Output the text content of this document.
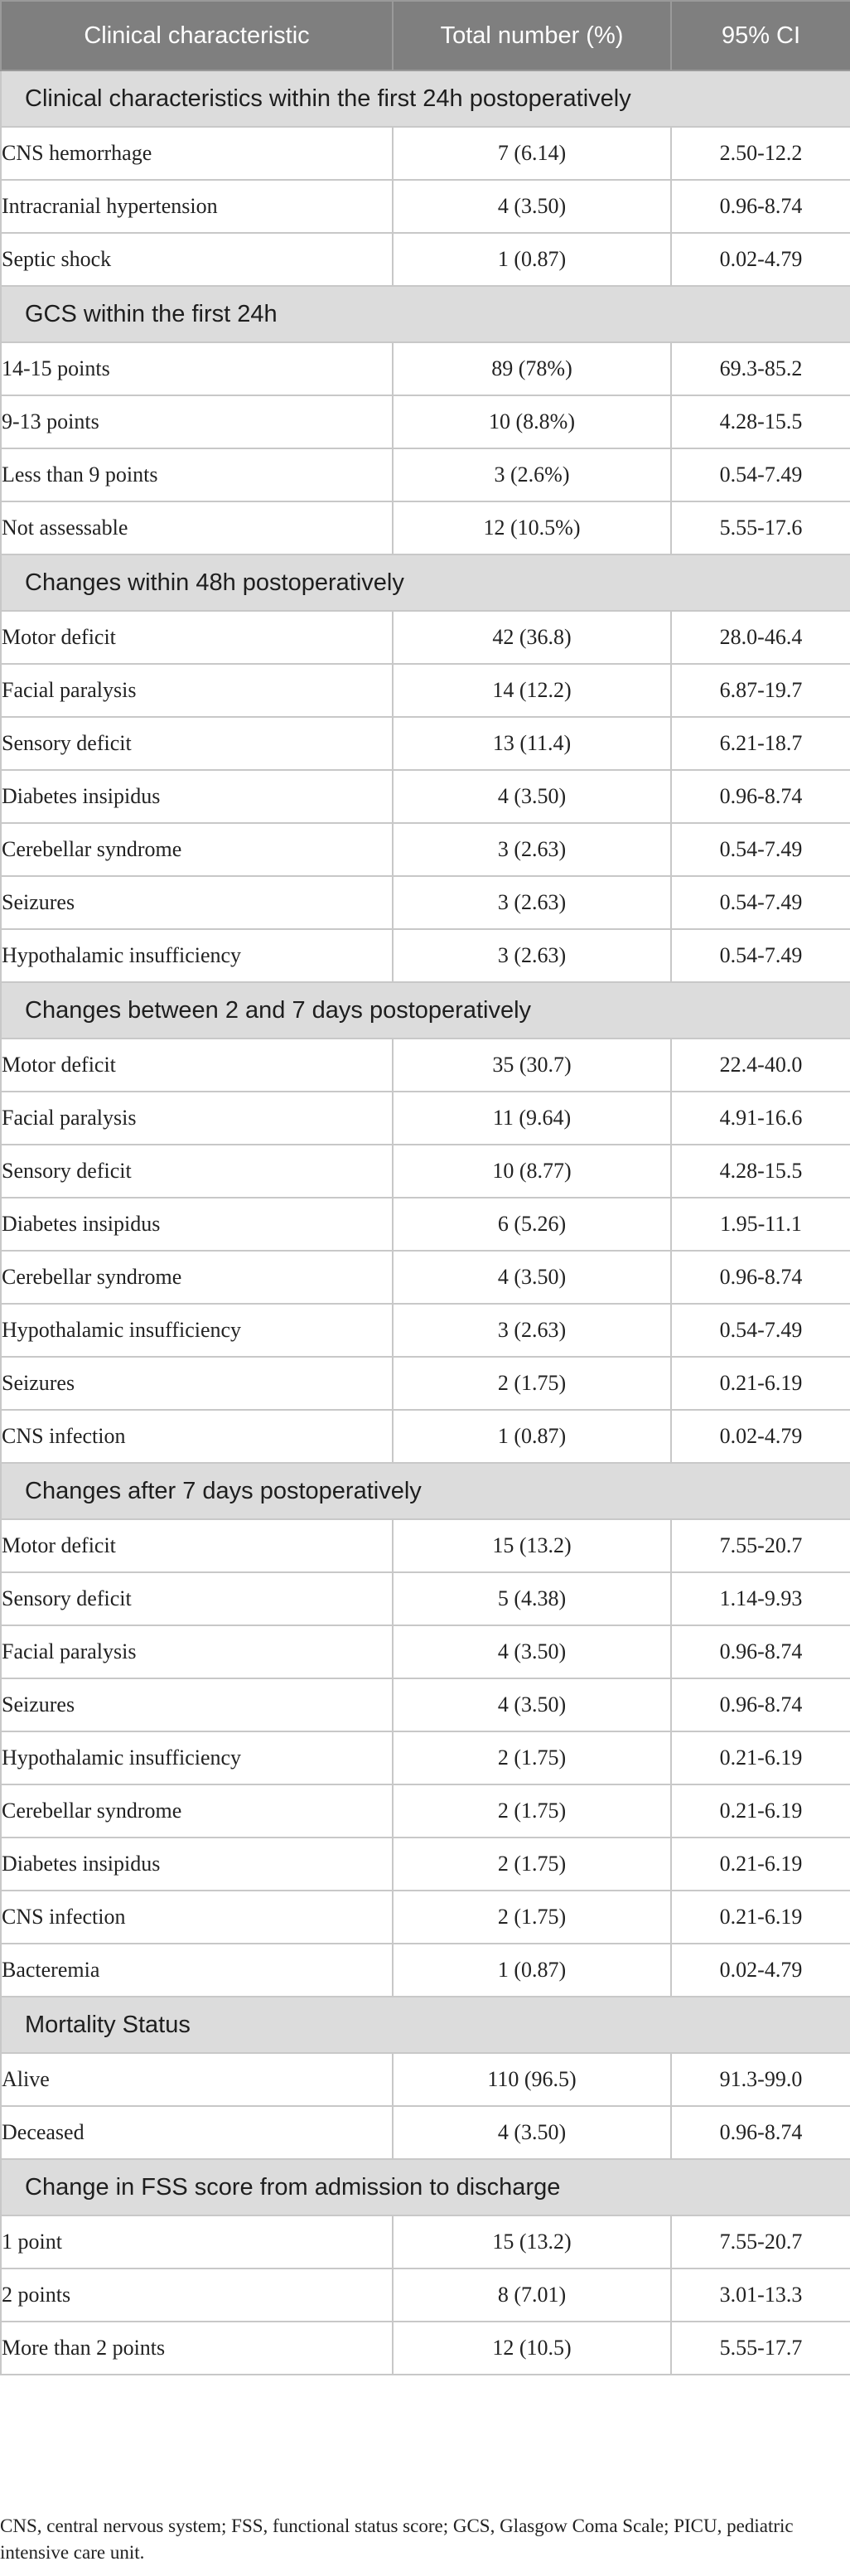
Clinical characteristic	Total number (%)	95% CI
Clinical characteristics within the first 24h postoperatively		
CNS hemorrhage	7 (6.14)	2.50-12.2
Intracranial hypertension	4 (3.50)	0.96-8.74
Septic shock	1 (0.87)	0.02-4.79
GCS within the first 24h		
14-15 points	89 (78%)	69.3-85.2
9-13 points	10 (8.8%)	4.28-15.5
Less than 9 points	3 (2.6%)	0.54-7.49
Not assessable	12 (10.5%)	5.55-17.6
Changes within 48h postoperatively		
Motor deficit	42 (36.8)	28.0-46.4
Facial paralysis	14 (12.2)	6.87-19.7
Sensory deficit	13 (11.4)	6.21-18.7
Diabetes insipidus	4 (3.50)	0.96-8.74
Cerebellar syndrome	3 (2.63)	0.54-7.49
Seizures	3 (2.63)	0.54-7.49
Hypothalamic insufficiency	3 (2.63)	0.54-7.49
Changes between 2 and 7 days postoperatively		
Motor deficit	35 (30.7)	22.4-40.0
Facial paralysis	11 (9.64)	4.91-16.6
Sensory deficit	10 (8.77)	4.28-15.5
Diabetes insipidus	6 (5.26)	1.95-11.1
Cerebellar syndrome	4 (3.50)	0.96-8.74
Hypothalamic insufficiency	3 (2.63)	0.54-7.49
Seizures	2 (1.75)	0.21-6.19
CNS infection	1 (0.87)	0.02-4.79
Changes after 7 days postoperatively		
Motor deficit	15 (13.2)	7.55-20.7
Sensory deficit	5 (4.38)	1.14-9.93
Facial paralysis	4 (3.50)	0.96-8.74
Seizures	4 (3.50)	0.96-8.74
Hypothalamic insufficiency	2 (1.75)	0.21-6.19
Cerebellar syndrome	2 (1.75)	0.21-6.19
Diabetes insipidus	2 (1.75)	0.21-6.19
CNS infection	2 (1.75)	0.21-6.19
Bacteremia	1 (0.87)	0.02-4.79
Mortality Status		
Alive	110 (96.5)	91.3-99.0
Deceased	4 (3.50)	0.96-8.74
Change in FSS score from admission to discharge		
1 point	15 (13.2)	7.55-20.7
2 points	8 (7.01)	3.01-13.3
More than 2 points	12 (10.5)	5.55-17.7
CNS, central nervous system; FSS, functional status score; GCS, Glasgow Coma Scale; PICU, pediatric intensive care unit.
